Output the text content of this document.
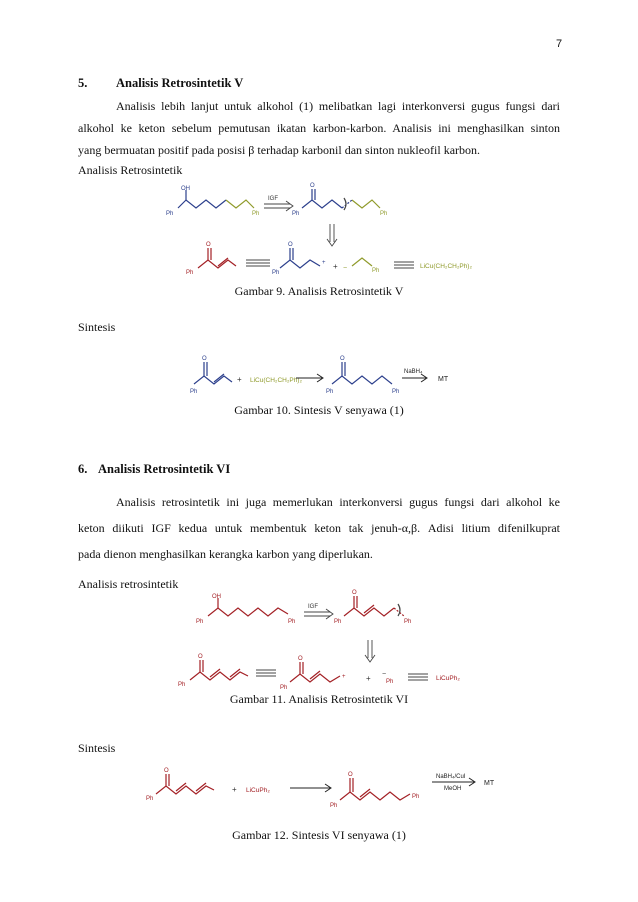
7
5. Analisis Retrosintetik V
Analisis lebih lanjut untuk alkohol (1) melibatkan lagi interkonversi gugus fungsi dari
alkohol ke keton sebelum pemutusan ikatan karbon-karbon. Analisis ini menghasilkan sinton
yang bermuatan positif pada posisi β terhadap karbonil dan sinton nukleofil karbon.
Analisis Retrosintetik
OH
Ph	Ph
IGF
O
Ph	Ph
O
Ph
O
Ph
+ + −	Ph
LiCu(CH₂CH₂Ph)₂
Gambar 9. Analisis Retrosintetik V
Sintesis
O
Ph
+ LiCu(CH₂CH₂Ph)₂
O
Ph	Ph
NaBH₄
MT
Gambar 10. Sintesis V senyawa (1)
6. Analisis Retrosintetik VI
Analisis retrosintetik ini juga memerlukan interkonversi gugus fungsi dari alkohol ke
keton diikuti IGF kedua untuk membentuk keton tak jenuh-α,β. Adisi litium difenilkuprat
pada dienon menghasilkan kerangka karbon yang diperlukan.
Analisis retrosintetik
OH
Ph	Ph
IGF
O
Ph	Ph
O
Ph
O
Ph
+	+ −
Ph	LiCuPh₂
Gambar 11. Analisis Retrosintetik VI
Sintesis
O
Ph
+ LiCuPh₂
O
Ph
Ph
NaBH₄/CuI
MeOH
MT
Gambar 12. Sintesis VI senyawa (1)
